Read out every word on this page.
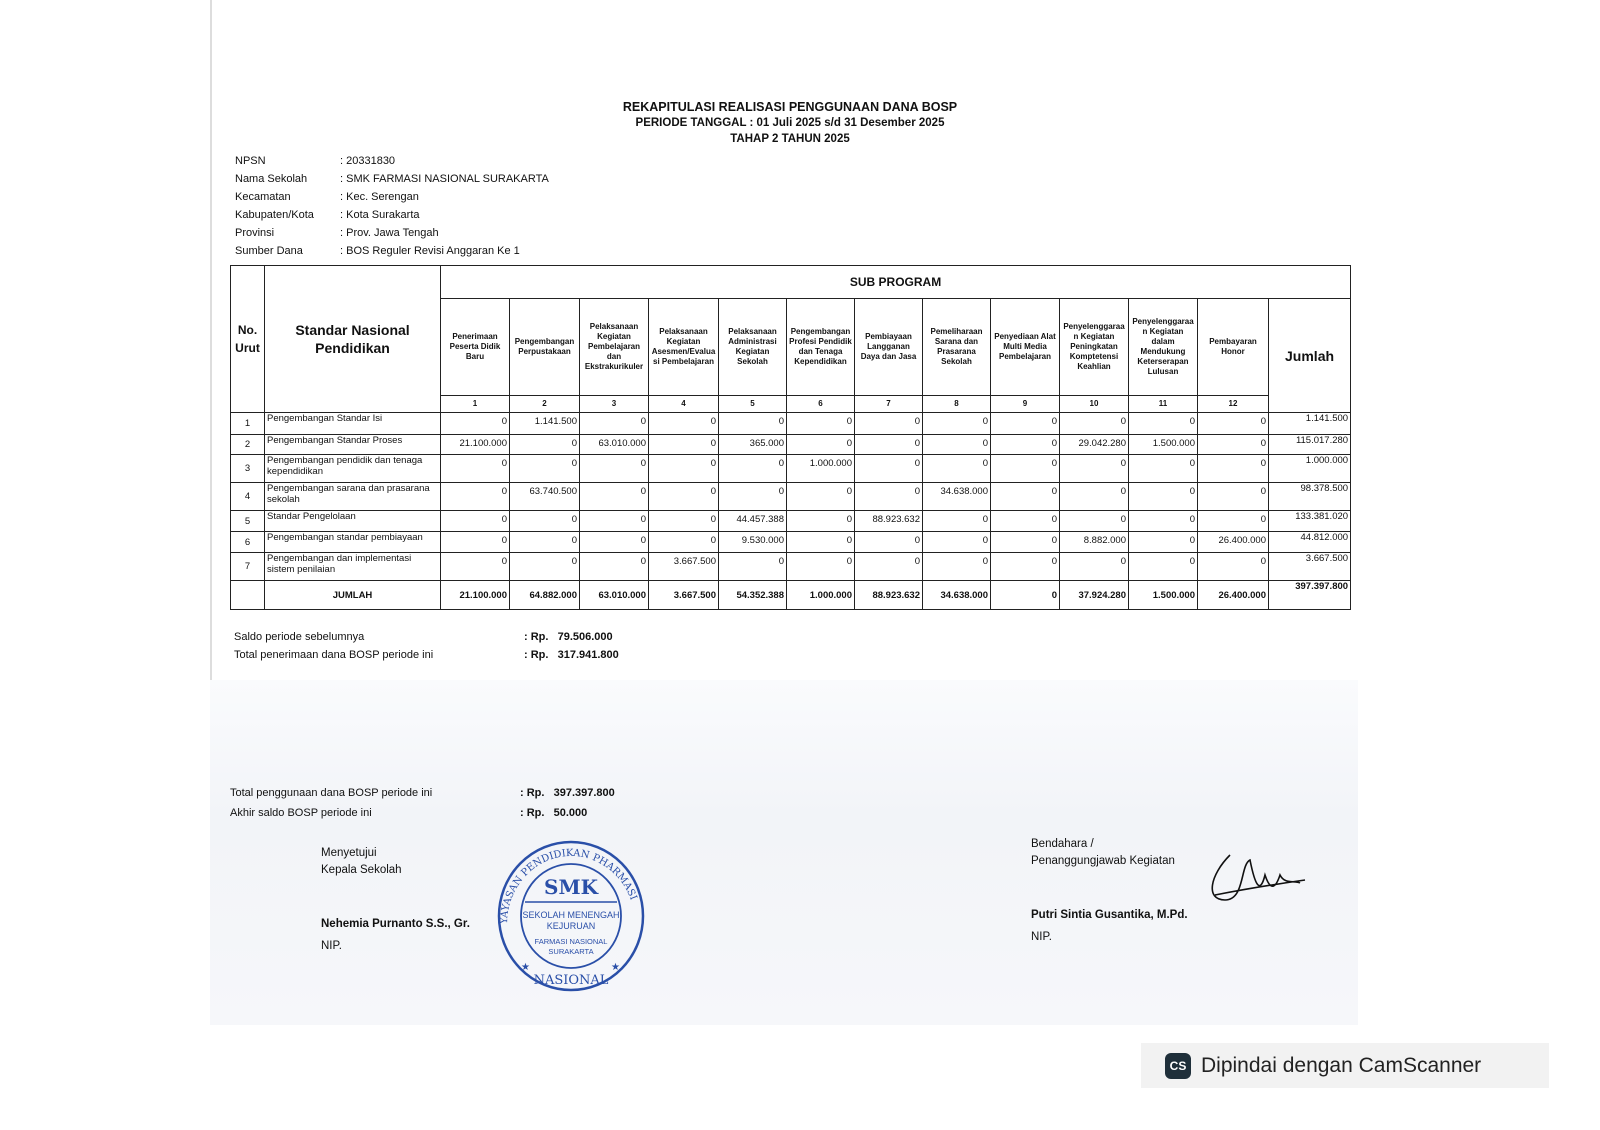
REKAPITULASI REALISASI PENGGUNAAN DANA BOSP
PERIODE TANGGAL : 01 Juli 2025 s/d 31 Desember 2025
TAHAP 2 TAHUN 2025
NPSN	: 20331830
Nama Sekolah	: SMK FARMASI NASIONAL SURAKARTA
Kecamatan	: Kec. Serengan
Kabupaten/Kota	: Kota Surakarta
Provinsi	: Prov. Jawa Tengah
Sumber Dana	: BOS Reguler Revisi Anggaran Ke 1
No. Urut	Standar Nasional Pendidikan	SUB PROGRAM												
		Penerimaan Peserta Didik Baru	Pengembangan Perpustakaan	Pelaksanaan Kegiatan Pembelajaran dan Ekstrakurikuler	Pelaksanaan Kegiatan Asesmen/Evaluasi Pembelajaran	Pelaksanaan Administrasi Kegiatan Sekolah	Pengembangan Profesi Pendidik dan Tenaga Kependidikan	Pembiayaan Langganan Daya dan Jasa	Pemeliharaan Sarana dan Prasarana Sekolah	Penyediaan Alat Multi Media Pembelajaran	Penyelenggaraan Kegiatan Peningkatan Komptetensi Keahlian	Penyelenggaraan Kegiatan dalam Mendukung Keterserapan Lulusan	Pembayaran Honor	Jumlah
		1	2	3	4	5	6	7	8	9	10	11	12	
1	Pengembangan Standar Isi	0	1.141.500	0	0	0	0	0	0	0	0	0	0	1.141.500
2	Pengembangan Standar Proses	21.100.000	0	63.010.000	0	365.000	0	0	0	0	29.042.280	1.500.000	0	115.017.280
3	Pengembangan pendidik dan tenaga kependidikan	0	0	0	0	0	1.000.000	0	0	0	0	0	0	1.000.000
4	Pengembangan sarana dan prasarana sekolah	0	63.740.500	0	0	0	0	0	34.638.000	0	0	0	0	98.378.500
5	Standar Pengelolaan	0	0	0	0	44.457.388	0	88.923.632	0	0	0	0	0	133.381.020
6	Pengembangan standar pembiayaan	0	0	0	0	9.530.000	0	0	0	0	8.882.000	0	26.400.000	44.812.000
7	Pengembangan dan implementasi sistem penilaian	0	0	0	3.667.500	0	0	0	0	0	0	0	0	3.667.500
	JUMLAH	21.100.000	64.882.000	63.010.000	3.667.500	54.352.388	1.000.000	88.923.632	34.638.000	0	37.924.280	1.500.000	26.400.000	397.397.800
Saldo periode sebelumnya	: Rp.   79.506.000
Total penerimaan dana BOSP periode ini	: Rp.   317.941.800
Total penggunaan dana BOSP periode ini	: Rp.   397.397.800
Akhir saldo BOSP periode ini	: Rp.   50.000
SMK
SEKOLAH MENENGAH
KEJURUAN
FARMASI NASIONAL
SURAKARTA
YAYASAN PENDIDIKAN PHARMASI
NASIONAL
★	★
Menyetujui
Kepala Sekolah
Nehemia Purnanto S.S., Gr.
NIP.
Bendahara /
Penanggungjawab Kegiatan
Putri Sintia Gusantika, M.Pd.
NIP.
CS Dipindai dengan CamScanner
